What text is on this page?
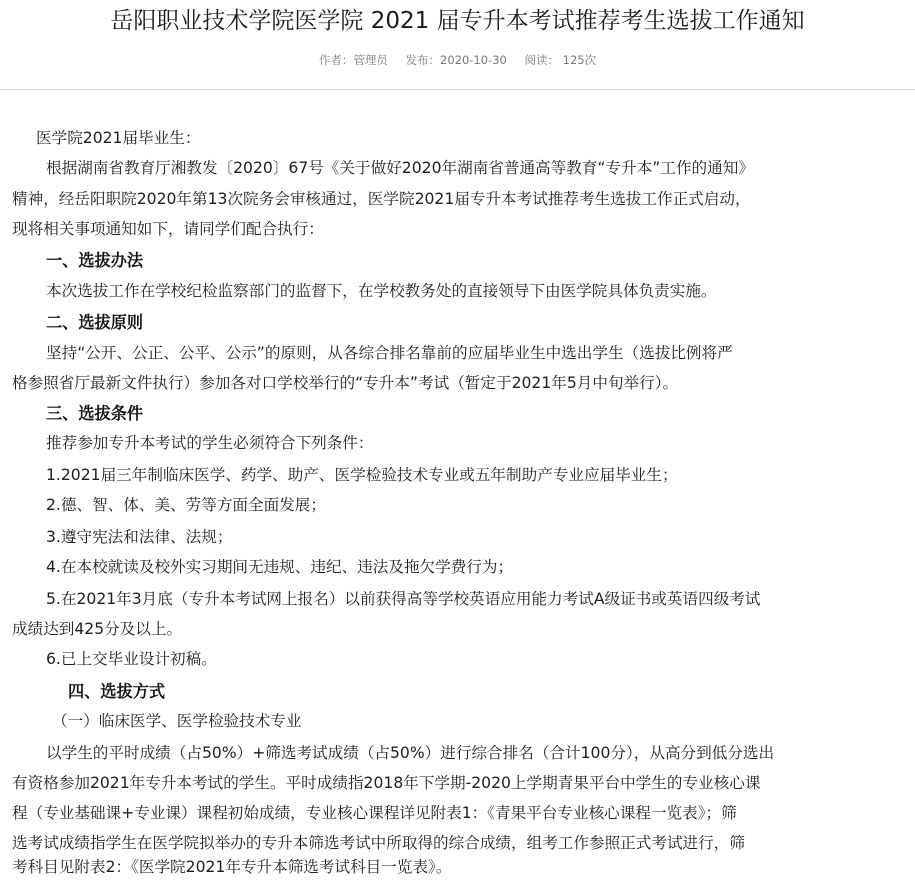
岳阳职业技术学院医学院 2021 届专升本考试推荐考生选拔工作通知
作者：管理员 发布：2020-10-30 阅读： 125次
医学院2021届毕业生：
根据湖南省教育厅湘教发〔2020〕67号《关于做好2020年湖南省普通高等教育“专升本”工作的通知》
精神，经岳阳职院2020年第13次院务会审核通过，医学院2021届专升本考试推荐考生选拔工作正式启动，
现将相关事项通知如下，请同学们配合执行：
一、选拔办法
本次选拔工作在学校纪检监察部门的监督下，在学校教务处的直接领导下由医学院具体负责实施。
二、选拔原则
坚持“公开、公正、公平、公示”的原则，从各综合排名靠前的应届毕业生中选出学生（选拔比例将严
格参照省厅最新文件执行）参加各对口学校举行的“专升本”考试（暂定于2021年5月中旬举行）。
三、选拔条件
推荐参加专升本考试的学生必须符合下列条件：
1.2021届三年制临床医学、药学、助产、医学检验技术专业或五年制助产专业应届毕业生；
2.德、智、体、美、劳等方面全面发展；
3.遵守宪法和法律、法规；
4.在本校就读及校外实习期间无违规、违纪、违法及拖欠学费行为；
5.在2021年3月底（专升本考试网上报名）以前获得高等学校英语应用能力考试A级证书或英语四级考试
成绩达到425分及以上。
6.已上交毕业设计初稿。
四、选拔方式
（一）临床医学、医学检验技术专业
以学生的平时成绩（占50%）+筛选考试成绩（占50%）进行综合排名（合计100分），从高分到低分选出
有资格参加2021年专升本考试的学生。平时成绩指2018年下学期-2020上学期青果平台中学生的专业核心课
程（专业基础课+专业课）课程初始成绩，专业核心课程详见附表1：《青果平台专业核心课程一览表》；筛
选考试成绩指学生在医学院拟举办的专升本筛选考试中所取得的综合成绩，组考工作参照正式考试进行，筛
考科目见附表2：《医学院2021年专升本筛选考试科目一览表》。
